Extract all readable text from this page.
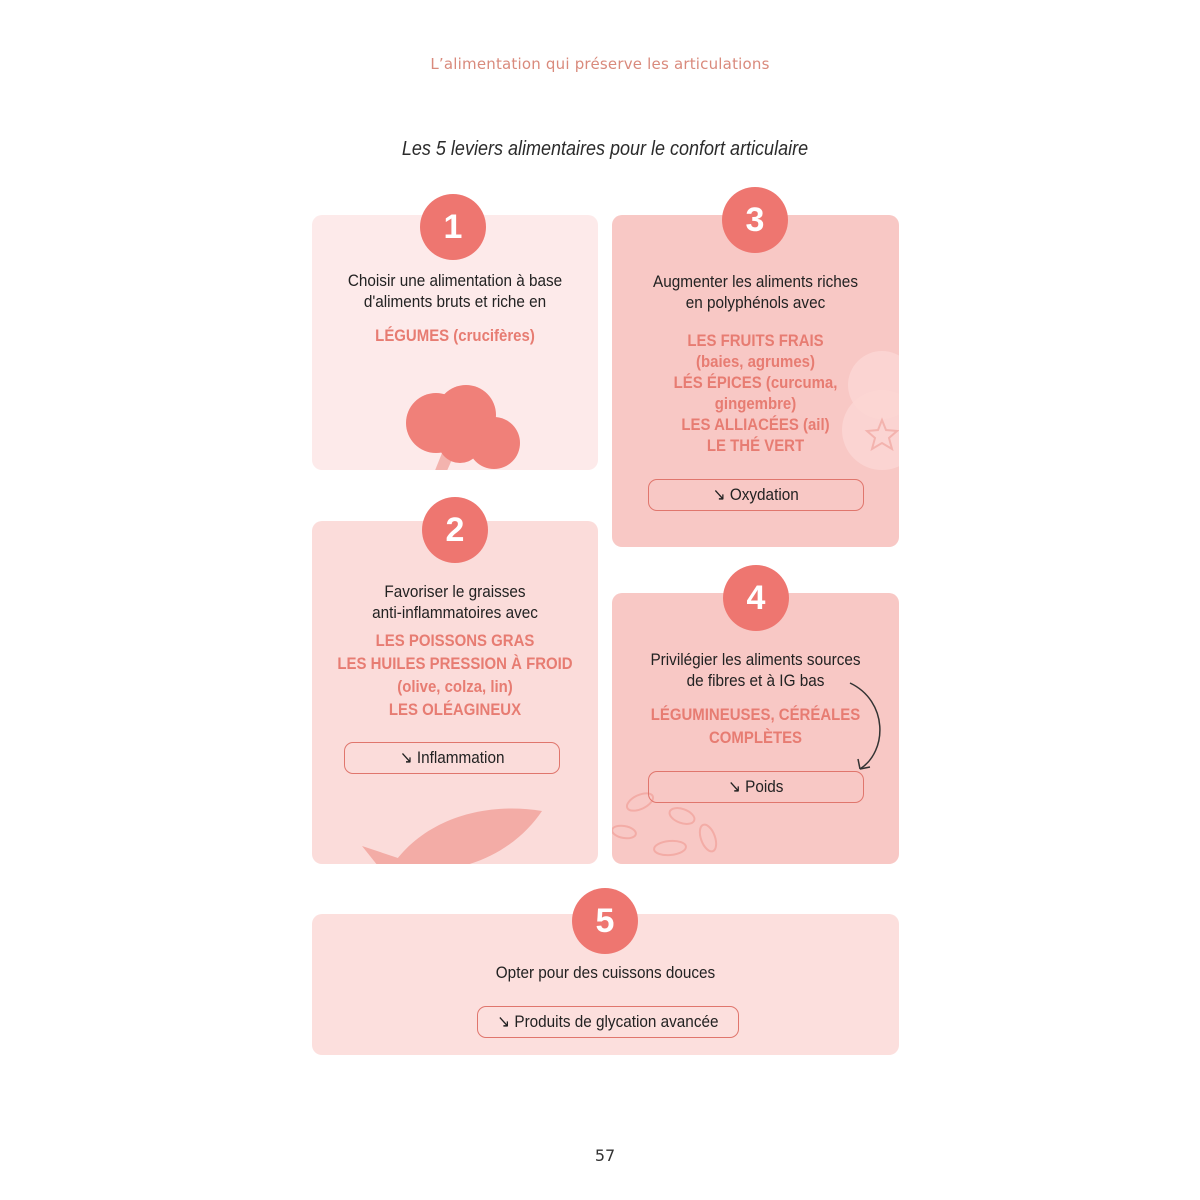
L’alimentation qui préserve les articulations
Les 5 leviers alimentaires pour le confort articulaire
Choisir une alimentation à base
d'aliments bruts et riche en
LÉGUMES (crucifères)
Augmenter les aliments riches
en polyphénols avec
LES FRUITS FRAIS
(baies, agrumes)
LÉS ÉPICES (curcuma,
gingembre)
LES ALLIACÉES (ail)
LE THÉ VERT
↘ Oxydation
Favoriser le graisses
anti-inflammatoires avec
LES POISSONS GRAS
LES HUILES PRESSION À FROID
(olive, colza, lin)
LES OLÉAGINEUX
↘ Inflammation
Privilégier les aliments sources
de fibres et à IG bas
LÉGUMINEUSES, CÉRÉALES
COMPLÈTES
↘ Poids
Opter pour des cuissons douces
↘ Produits de glycation avancée
1	3
2
4
5
57
